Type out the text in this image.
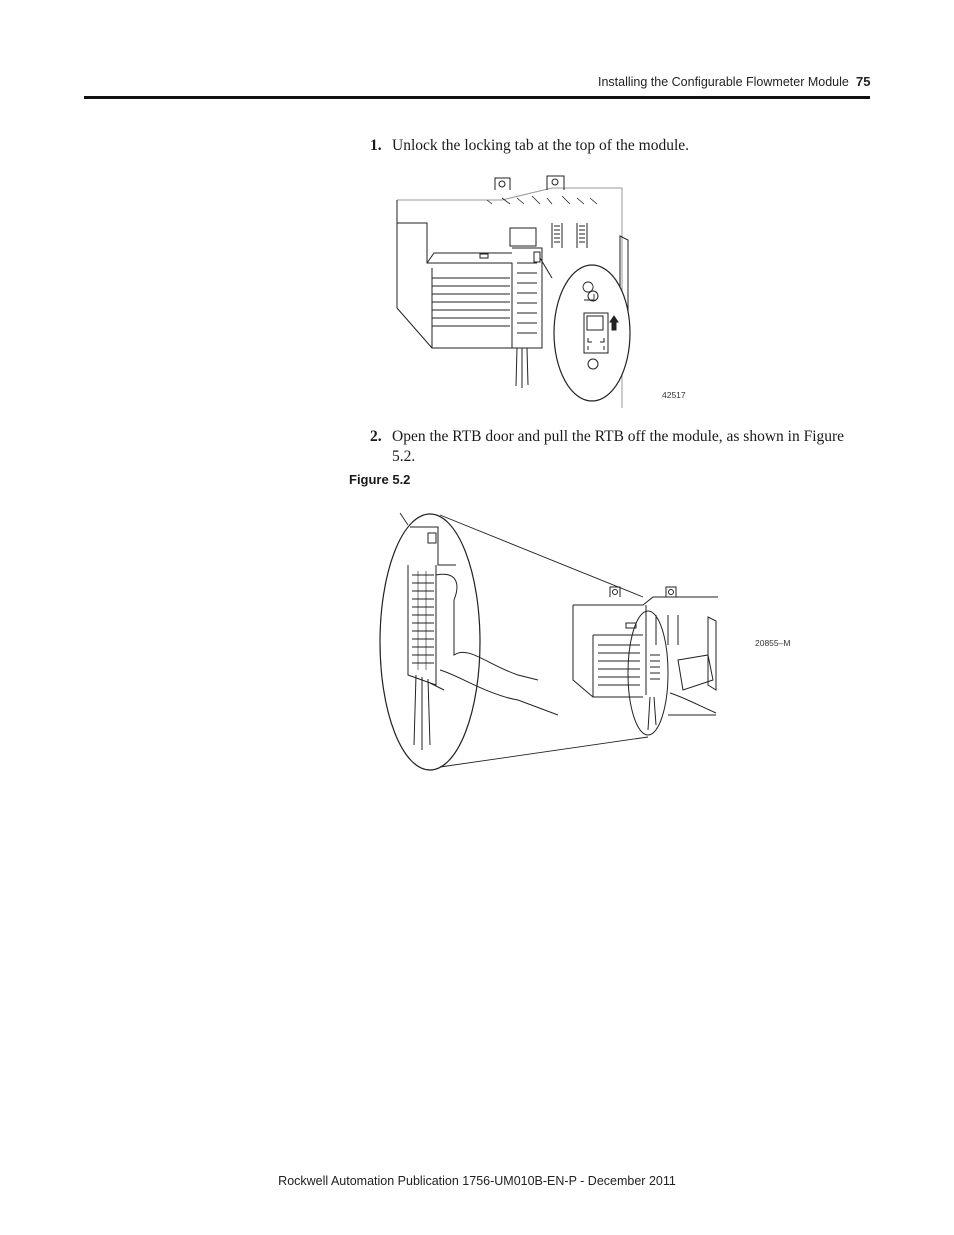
Installing the Configurable Flowmeter Module 75
1. Unlock the locking tab at the top of the module.
42517
2. Open the RTB door and pull the RTB off the module, as shown in Figure 5.2.
Figure 5.2
20855–M
Rockwell Automation Publication 1756-UM010B-EN-P - December 2011
